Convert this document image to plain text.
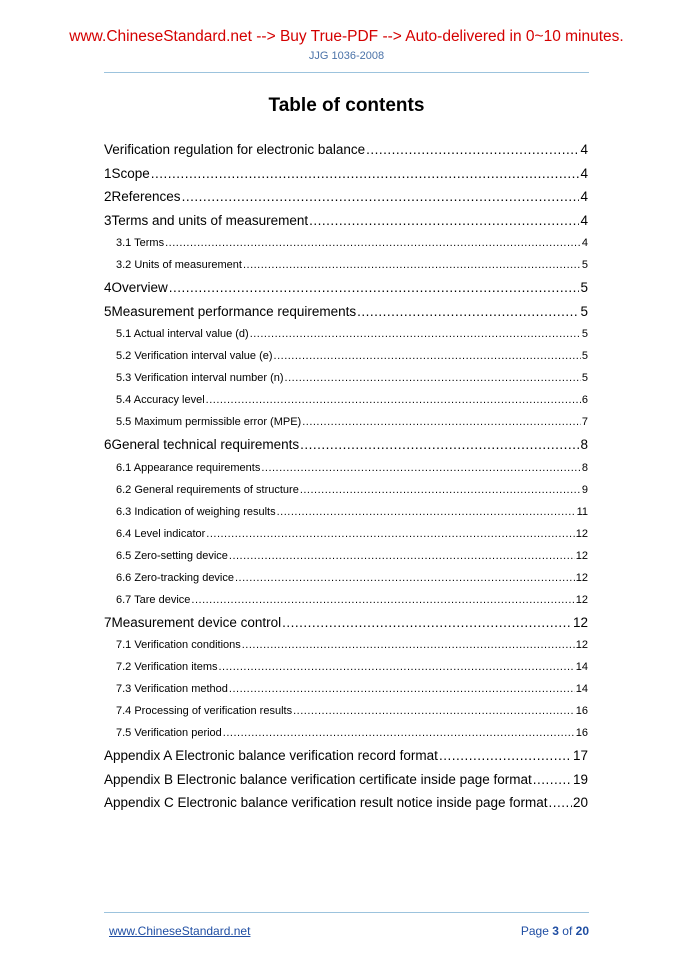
www.ChineseStandard.net --> Buy True-PDF --> Auto-delivered in 0~10 minutes.
JJG 1036-2008
Table of contents
Verification regulation for electronic balance .....	4
1 Scope .....	4
2 References .....	4
3 Terms and units of measurement .....	4
3.1 Terms .....	4
3.2 Units of measurement .....	5
4 Overview .....	5
5 Measurement performance requirements .....	5
5.1 Actual interval value (d) .....	5
5.2 Verification interval value (e) .....	5
5.3 Verification interval number (n) .....	5
5.4 Accuracy level .....	6
5.5 Maximum permissible error (MPE) .....	7
6 General technical requirements .....	8
6.1 Appearance requirements .....	8
6.2 General requirements of structure .....	9
6.3 Indication of weighing results .....	11
6.4 Level indicator .....	12
6.5 Zero-setting device .....	12
6.6 Zero-tracking device .....	12
6.7 Tare device .....	12
7 Measurement device control .....	12
7.1 Verification conditions .....	12
7.2 Verification items .....	14
7.3 Verification method .....	14
7.4 Processing of verification results .....	16
7.5 Verification period .....	16
Appendix A Electronic balance verification record format .....	17
Appendix B Electronic balance verification certificate inside page format .....	19
Appendix C Electronic balance verification result notice inside page format ..... 20
www.ChineseStandard.net	Page 3 of 20
